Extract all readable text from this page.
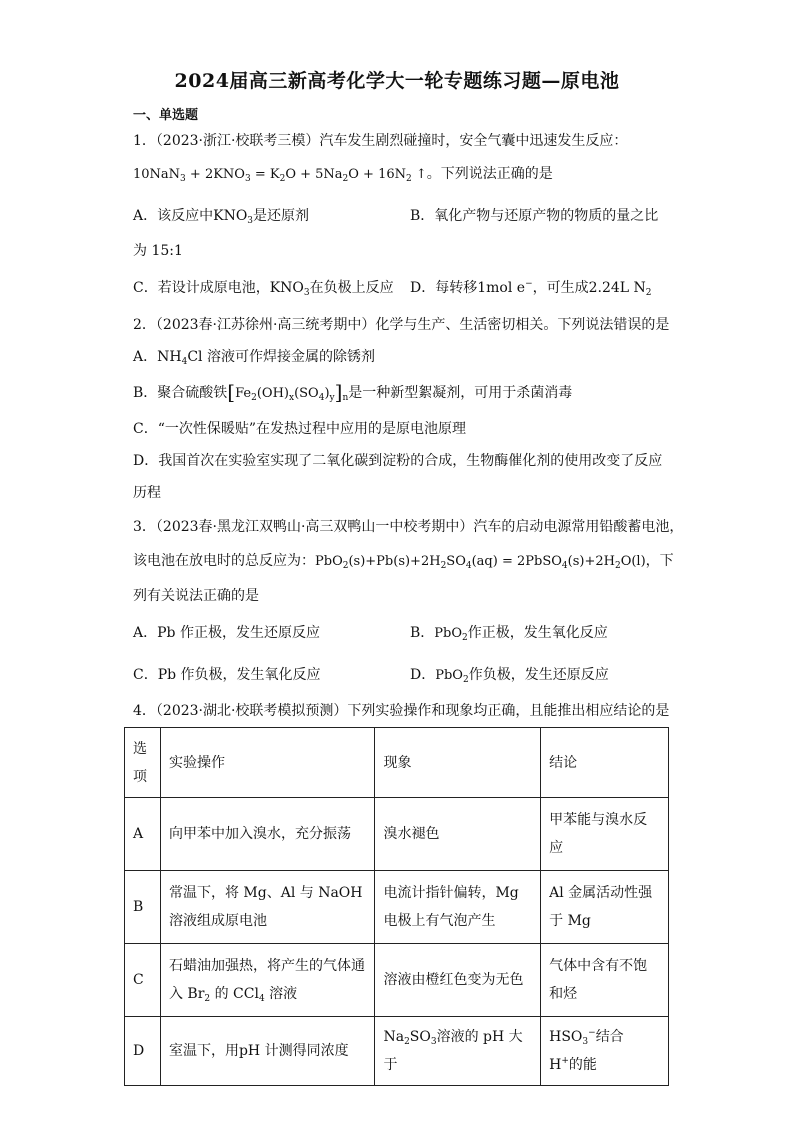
2024届高三新高考化学大一轮专题练习题—原电池
一、单选题
1．（2023·浙江·校联考三模）汽车发生剧烈碰撞时，安全气囊中迅速发生反应：
$10NaN_3 + 2KNO_3 = K_2O + 5Na_2O + 16N_2$ ↑。下列说法正确的是
A．该反应中$KNO_3$是还原剂	B．氧化产物与还原产物的物质的量之比
为 15:1
C．若设计成原电池，$KNO_3$在负极上反应 D．每转移1mol e−，可生成2.24L $N_2$
2．（2023春·江苏徐州·高三统考期中）化学与生产、生活密切相关。下列说法错误的是
A．$NH_4Cl$ 溶液可作焊接金属的除锈剂
B．聚合硫酸铁$[Fe_2(OH)_x(SO_4)_y]_n$是一种新型絮凝剂，可用于杀菌消毒
C．“一次性保暖贴”在发热过程中应用的是原电池原理
D．我国首次在实验室实现了二氧化碳到淀粉的合成，生物酶催化剂的使用改变了反应
历程
3．（2023春·黑龙江双鸭山·高三双鸭山一中校考期中）汽车的启动电源常用铅酸蓄电池，
该电池在放电时的总反应为：$PbO_2(s)+Pb(s)+2H_2SO_4(aq)$ = $2PbSO_4(s)+2H_2O(l)$，下
列有关说法正确的是
A．Pb 作正极，发生还原反应	B．PbO$_2$作正极，发生氧化反应
C．Pb 作负极，发生氧化反应	D．PbO$_2$作负极，发生还原反应
4．（2023·湖北·校联考模拟预测）下列实验操作和现象均正确，且能推出相应结论的是
选项	实验操作	现象	结论
A	向甲苯中加入溴水，充分振荡	溴水褪色	甲苯能与溴水反应
B	常温下，将 Mg、Al 与 NaOH 溶液组成原电池	电流计指针偏转，Mg 电极上有气泡产生	Al 金属活动性强于 Mg
C	石蜡油加强热，将产生的气体通入 $Br_2$ 的 CCl$_4$ 溶液	溶液由橙红色变为无色	气体中含有不饱和烃
D	室温下，用pH 计测得同浓度	$Na_2SO_3$溶液的 pH 大于	$HSO_3^-$结合 H+的能
